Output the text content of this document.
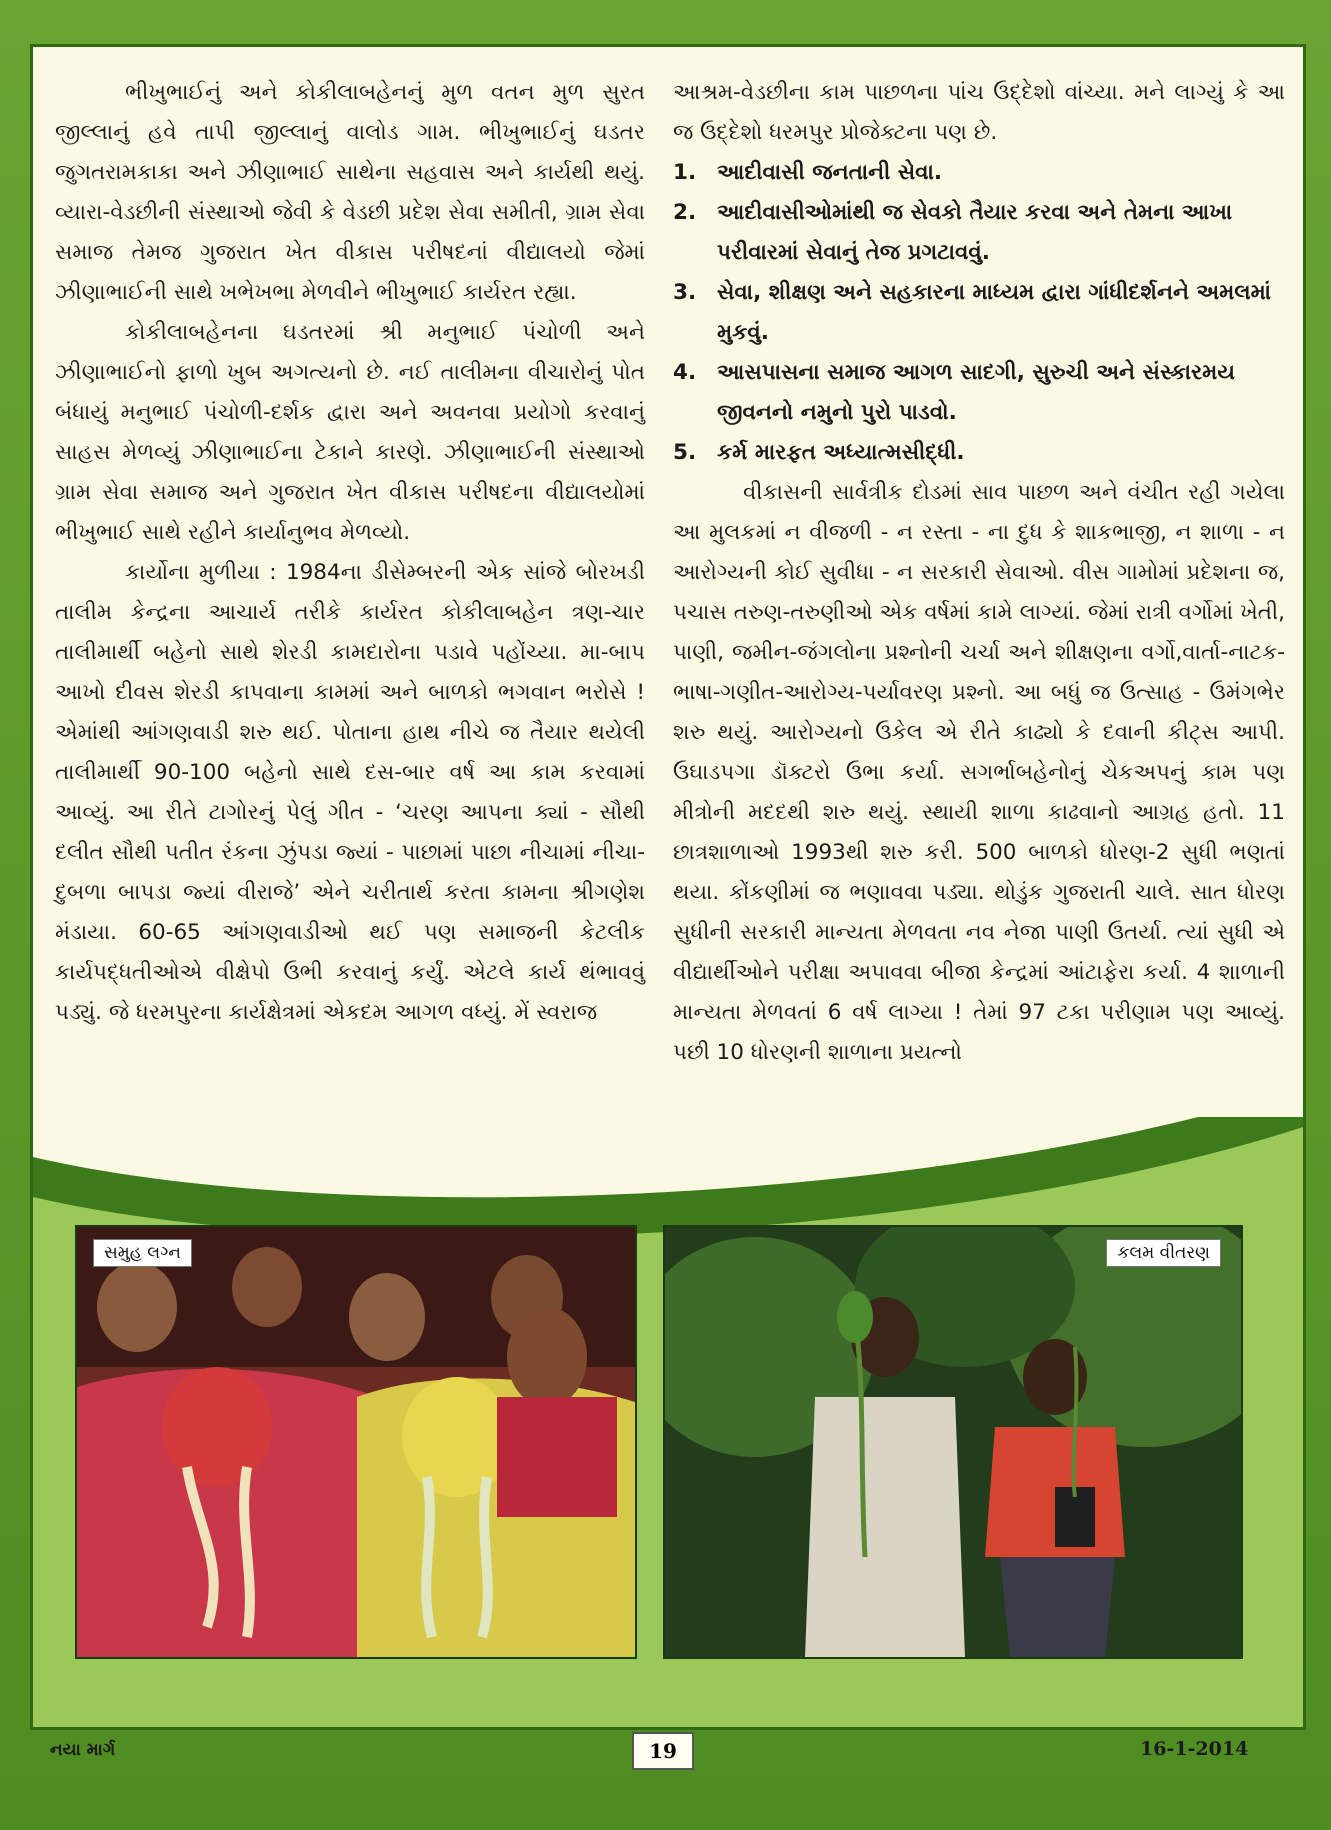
ભીખુભાઈનું અને કોકીલાબહેનનું મુળ વતન મુળ સુરત જીલ્લાનું હવે તાપી જીલ્લાનું વાલોડ ગામ. ભીખુભાઈનું ઘડતર જુગતરામકાકા અને ઝીણાભાઈ સાથેના સહવાસ અને કાર્યથી થયું. વ્યારા-વેડછીની સંસ્થાઓ જેવી કે વેડછી પ્રદેશ સેવા સમીતી, ગ્રામ સેવા સમાજ તેમજ ગુજરાત ખેત વીકાસ પરીષદનાં વીદ્યાલયો જેમાં ઝીણાભાઈની સાથે ખભેખભા મેળવીને ભીખુભાઈ કાર્યરત રહ્યા.

કોકીલાબહેનના ઘડતરમાં શ્રી મનુભાઈ પંચોળી અને ઝીણાભાઈનો ફાળો ખુબ અગત્યનો છે. નઈ તાલીમના વીચારોનું પોત બંધાયું મનુભાઈ પંચોળી-દર્શક દ્વારા અને અવનવા પ્રયોગો કરવાનું સાહસ મેળવ્યું ઝીણાભાઈના ટેકાને કારણે. ઝીણાભાઈની સંસ્થાઓ ગ્રામ સેવા સમાજ અને ગુજરાત ખેત વીકાસ પરીષદના વીદ્યાલયોમાં ભીખુભાઈ સાથે રહીને કાર્યાનુભવ મેળવ્યો.

કાર્યોના મુળીયા : 1984ના ડીસેમ્બરની એક સાંજે બોરખડી તાલીમ કેન્દ્રના આચાર્ય તરીકે કાર્યરત કોકીલાબહેન ત્રણ-ચાર તાલીમાર્થી બહેનો સાથે શેરડી કામદારોના પડાવે પહોંચ્યા. મા-બાપ આખો દીવસ શેરડી કાપવાના કામમાં અને બાળકો ભગવાન ભરોસે ! એમાંથી આંગણવાડી શરુ થઈ. પોતાના હાથ નીચે જ તૈયાર થયેલી તાલીમાર્થી 90-100 બહેનો સાથે દસ-બાર વર્ષ આ કામ કરવામાં આવ્યું. આ રીતે ટાગોરનું પેલું ગીત - ‘ચરણ આપના ક્યાં - સૌથી દલીત સૌથી પતીત રંકના ઝુંપડા જ્યાં - પાછામાં પાછા નીચામાં નીચા-દુબળા બાપડા જ્યાં વીરાજે’ એને ચરીતાર્થ કરતા કામના શ્રીગણેશ મંડાયા. 60-65 આંગણવાડીઓ થઈ પણ સમાજની કેટલીક કાર્યપદ્ધતીઓએ વીક્ષેપો ઉભી કરવાનું કર્યું. એટલે કાર્ય થંભાવવું પડ્યું. જે ધરમપુરના કાર્યક્ષેત્રમાં એકદમ આગળ વધ્યું. મેં સ્વરાજ

આશ્રમ-વેડછીના કામ પાછળના પાંચ ઉદ્દેશો વાંચ્યા. મને લાગ્યું કે આ જ ઉદ્દેશો ધરમપુર પ્રોજેક્ટના પણ છે.

1. આદીવાસી જનતાની સેવા.
2. આદીવાસીઓમાંથી જ સેવકો તૈયાર કરવા અને તેમના આખા પરીવારમાં સેવાનું તેજ પ્રગટાવવું.
3. સેવા, શીક્ષણ અને સહકારના માધ્યમ દ્વારા ગાંધીદર્શનને અમલમાં મુકવું.
4. આસપાસના સમાજ આગળ સાદગી, સુરુચી અને સંસ્કારમય જીવનનો નમુનો પુરો પાડવો.
5. કર્મ મારફત અધ્યાત્મસીદ્ધી.

વીકાસની સાર્વત્રીક દોડમાં સાવ પાછળ અને વંચીત રહી ગયેલા આ મુલકમાં ન વીજળી - ન રસ્તા - ના દુધ કે શાકભાજી, ન શાળા - ન આરોગ્યની કોઈ સુવીધા - ન સરકારી સેવાઓ. વીસ ગામોમાં પ્રદેશના જ, પચાસ તરુણ-તરુણીઓ એક વર્ષમાં કામે લાગ્યાં. જેમાં રાત્રી વર્ગોમાં ખેતી, પાણી, જમીન-જંગલોના પ્રશ્નોની ચર્ચા અને શીક્ષણના વર્ગો,વાર્તા-નાટક-ભાષા-ગણીત-આરોગ્ય-પર્યાવરણ પ્રશ્નો. આ બધું જ ઉત્સાહ - ઉમંગભેર શરુ થયું. આરોગ્યનો ઉકેલ એ રીતે કાઢ્યો કે દવાની કીટ્સ આપી. ઉઘાડપગા ડૉક્ટરો ઉભા કર્યા. સગર્ભાબહેનોનું ચેકઅપનું કામ પણ મીત્રોની મદદથી શરુ થયું. સ્થાયી શાળા કાઢવાનો આગ્રહ હતો. 11 છાત્રશાળાઓ 1993થી શરુ કરી. 500 બાળકો ધોરણ-2 સુધી ભણતાં થયા. કોંકણીમાં જ ભણાવવા પડ્યા. થોડુંક ગુજરાતી ચાલે. સાત ધોરણ સુધીની સરકારી માન્યતા મેળવતા નવ નેજા પાણી ઉતર્યા. ત્યાં સુધી એ વીદ્યાર્થીઓને પરીક્ષા અપાવવા બીજા કેન્દ્રમાં આંટાફેરા કર્યા. 4 શાળાની માન્યતા મેળવતાં 6 વર્ષ લાગ્યા ! તેમાં 97 ટકા પરીણામ પણ આવ્યું. પછી 10 ધોરણની શાળાના પ્રયત્નો

સમુહ લગ્ન	કલમ વીતરણ
નયા માર્ગ	19	16-1-2014
